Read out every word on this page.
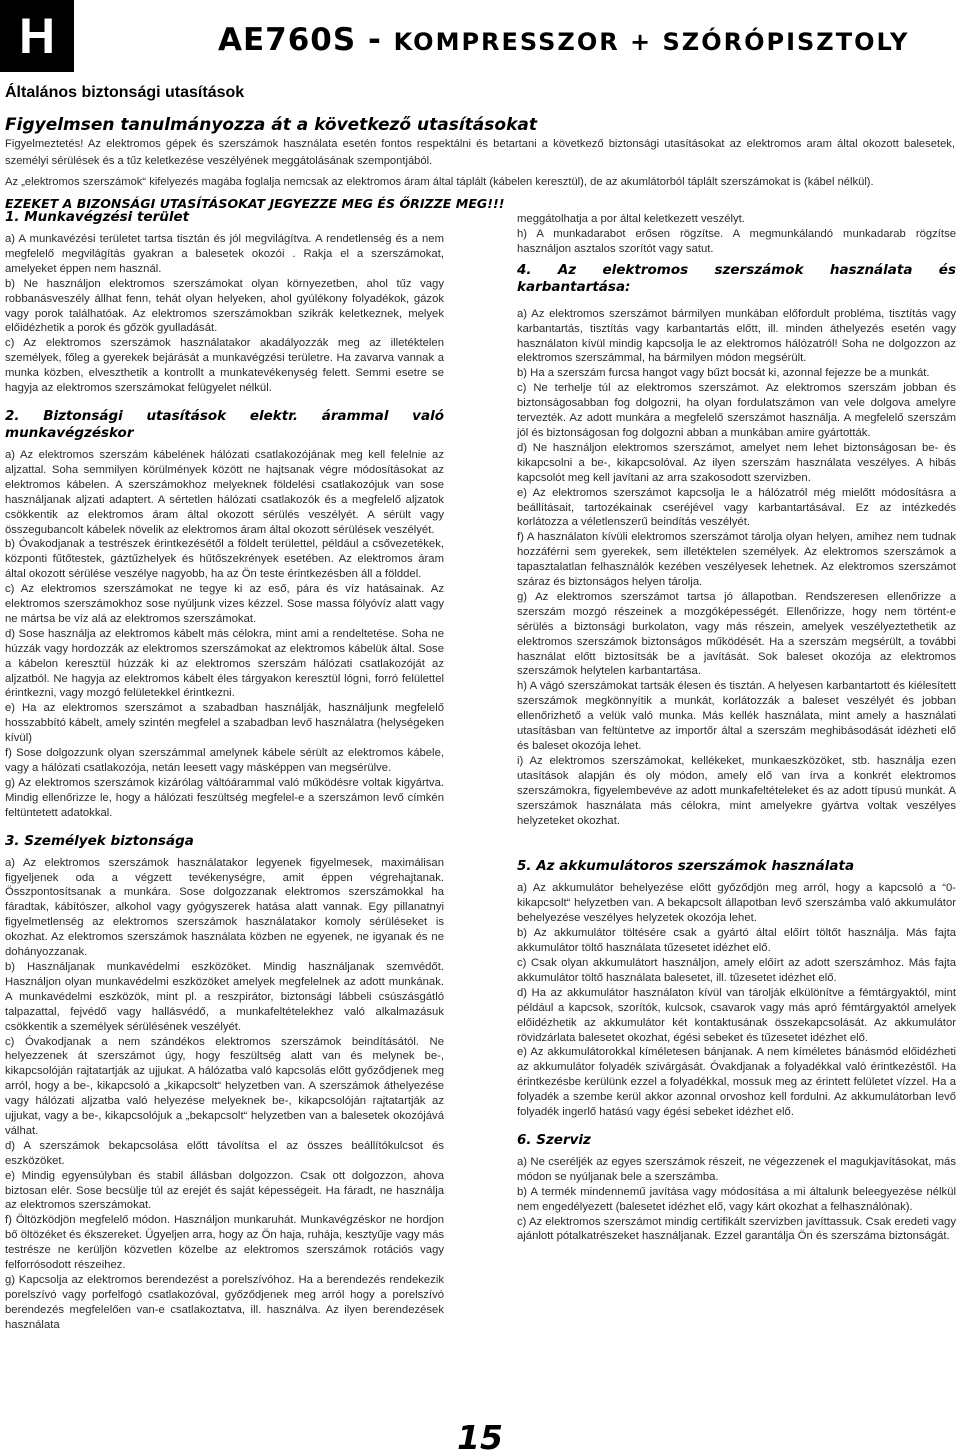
H	AE760S - KOMPRESSZOR + SZÓRÓPISZTOLY
Általános biztonsági utasítások
Figyelmsen tanulmányozza át a következő utasításokat

Figyelmeztetés! Az elektromos gépek és szerszámok használata esetén fontos respektálni és betartani a következő biztonsági utasításokat az elektromos aram által okozott balesetek, személyi sérülések és a tűz keletkezése veszélyének meggátolásának szempontjából.

Az „elektromos szerszámok“ kifelyezés magába foglalja nemcsak az elektromos áram által táplált (kábelen keresztül), de az akumlátorból táplált szerszámokat is (kábel nélkül).

EZEKET A BIZONSÁGI UTASÍTÁSOKAT JEGYEZZE MEG ÉS ŐRIZZE MEG!!!
1. Munkavégzési terület

a) A munkavézési területet tartsa tisztán és jól megvilágítva. A rendetlenség és a nem megfelelő megvilágítás gyakran a balesetek okozói . Rakja el a szerszámokat, amelyeket éppen nem használ.

b) Ne használjon elektromos szerszámokat olyan környezetben, ahol tűz vagy robbanásveszély állhat fenn, tehát olyan helyeken, ahol gyúlékony folyadékok, gázok vagy porok találhatóak. Az elektromos szerszámokban szikrák keletkeznek, melyek előidézhetik a porok és gőzök gyulladását.

c) Az elektromos szerszámok használatakor akadályozzák meg az illetéktelen személyek, főleg a gyerekek bejárását a munkavégzési területre. Ha zavarva vannak a munka közben, elveszthetik a kontrollt a munkatevékenység felett. Semmi esetre se hagyja az elektromos szerszámokat felügyelet nélkül.

2. Biztonsági utasítások elektr. árammal való munkavégzéskor

a) Az elektromos szerszám kábelének hálózati csatlakozójának meg kell felelnie az aljzattal. Soha semmilyen körülmények között ne hajtsanak végre módosításokat az elektromos kábelen. A szerszámokhoz melyeknek földelési csatlakozójuk van sose használjanak aljzati adaptert. A sértetlen hálózati csatlakozók és a megfelelő aljzatok csökkentik az elektromos áram által okozott sérülés veszélyét. A sérült vagy összegubancolt kábelek növelik az elektromos áram által okozott sérülések veszélyét.

b) Óvakodjanak a testrészek érintkezésétől a földelt területtel, például a csővezetékek, központi fűtőtestek, gáztűzhelyek és hűtőszekrények esetében. Az elektromos áram által okozott sérülése veszélye nagyobb, ha az Ön teste érintkezésben áll a földdel.

c) Az elektromos szerszámokat ne tegye ki az eső, pára és víz hatásainak. Az elektromos szerszámokhoz sose nyúljunk vizes kézzel. Sose massa fólyóvíz alatt vagy ne mártsa be víz alá az elektromos szerszámokat.

d) Sose használja az elektromos kábelt más célokra, mint ami a rendeltetése. Soha ne húzzák vagy hordozzák az elektromos szerszámokat az elektromos kábelük által. Sose a kábelon keresztül húzzák ki az elektromos szerszám hálózati csatlakozóját az aljzatból. Ne hagyja az elektromos kábelt éles tárgyakon keresztül lógni, forró felülettel érintkezni, vagy mozgó felületekkel érintkezni.

e) Ha az elektromos szerszámot a szabadban használják, használjunk megfelelő hosszabbító kábelt, amely szintén megfelel a szabadban levő használatra (helységeken kívül)

f) Sose dolgozzunk olyan szerszámmal amelynek kábele sérült az elektromos kábele, vagy a hálózati csatlakozója, netán leesett vagy másképpen van megsérülve.

g) Az elektromos szerszámok kizárólag váltóárammal való működésre voltak kigyártva. Mindig ellenőrizze le, hogy a hálózati feszültség megfelel-e a szerszámon levő címkén feltüntetett adatokkal.

3. Személyek biztonsága

a) Az elektromos szerszámok használatakor legyenek figyelmesek, maximálisan figyeljenek oda a végzett tevékenységre, amit éppen végrehajtanak. Összpontosítsanak a munkára. Sose dolgozzanak elektromos szerszámokkal ha fáradtak, kábítószer, alkohol vagy gyógyszerek hatása alatt vannak. Egy pillanatnyi figyelmetlenség az elektromos szerszámok használatakor komoly sérüléseket is okozhat. Az elektromos szerszámok használata közben ne egyenek, ne igyanak és ne dohányozzanak.

b) Használjanak munkavédelmi eszközöket. Mindig használjanak szemvédőt. Használjon olyan munkavédelmi eszközöket amelyek megfelelnek az adott munkának. A munkavédelmi eszközök, mint pl. a reszpirátor, biztonsági lábbeli csúszásgátló talpazattal, fejvédő vagy hallásvédő, a munkafeltételekhez való alkalmazásuk csökkentik a személyek sérülésének veszélyét.

c) Óvakodjanak a nem szándékos elektromos szerszámok beindításától. Ne helyezzenek át szerszámot úgy, hogy feszültség alatt van és melynek be-, kikapcsolóján rajtatartják az ujjukat. A hálózatba való kapcsolás előtt győződjenek meg arról, hogy a be-, kikapcsoló a „kikapcsolt“ helyzetben van. A szerszámok áthelyezése vagy hálózati aljzatba való helyezése melyeknek be-, kikapcsolóján rajtatartják az ujjukat, vagy a be-, kikapcsolójuk a „bekapcsolt“ helyzetben van a balesetek okozójává válhat.

d) A szerszámok bekapcsolása előtt távolítsa el az összes beállítókulcsot és eszközöket.

e) Mindig egyensúlyban és stabil állásban dolgozzon. Csak ott dolgozzon, ahova biztosan elér. Sose becsülje túl az erejét és saját képességeit. Ha fáradt, ne használja az elektromos szerszámokat.

f) Öltözködjön megfelelő módon. Használjon munkaruhát. Munkavégzéskor ne hordjon bő öltözéket és ékszereket. Ügyeljen arra, hogy az Ön haja, ruhája, kesztyűje vagy más testrésze ne kerüljön közvetlen közelbe az elektromos szerszámok rotációs vagy felforrósodott részeihez.

g) Kapcsolja az elektromos berendezést a porelszívóhoz. Ha a berendezés rendekezik porelszívó vagy porfelfogó csatlakozóval, győződjenek meg arról hogy a porelszívó berendezés megfelelően van-e csatlakoztatva, ill. használva. Az ilyen berendezések használata

meggátolhatja a por által keletkezett veszélyt.

h) A munkadarabot erősen rögzítse. A megmunkálandó munkadarab rögzítse használjon asztalos szorítót vagy satut.

4. Az elektromos szerszámok használata és karbantartása:

a) Az elektromos szerszámot bármilyen munkában előfordult probléma, tisztítás vagy karbantartás, tisztítás vagy karbantartás előtt, ill. minden áthelyezés esetén vagy használaton kívül mindig kapcsolja le az elektromos hálózatról! Soha ne dolgozzon az elektromos szerszámmal, ha bármilyen módon megsérült.

b) Ha a szerszám furcsa hangot vagy bűzt bocsát ki, azonnal fejezze be a munkát.

c) Ne terhelje túl az elektromos szerszámot. Az elektromos szerszám jobban és biztonságosabban fog dolgozni, ha olyan fordulatszámon van vele dolgova amelyre tervezték. Az adott munkára a megfelelő szerszámot használja. A megfelelő szerszám jól és biztonságosan fog dolgozni abban a munkában amire gyártották.

d) Ne használjon elektromos szerszámot, amelyet nem lehet biztonságosan be- és kikapcsolni a be-, kikapcsolóval. Az ilyen szerszám használata veszélyes. A hibás kapcsolót meg kell javítani az arra szakosodott szervizben.

e) Az elektromos szerszámot kapcsolja le a hálózatról még mielőtt módosításra a beállításait, tartozékainak cseréjével vagy karbantartásával. Ez az intézkedés korlátozza a véletlenszerű beindítás veszélyét.

f) A használaton kívüli elektromos szerszámot tárolja olyan helyen, amihez nem tudnak hozzáférni sem gyerekek, sem illetéktelen személyek. Az elektromos szerszámok a tapasztalatlan felhasználók kezében veszélyesek lehetnek. Az elektromos szerszámot száraz és biztonságos helyen tárolja.

g) Az elektromos szerszámot tartsa jó állapotban. Rendszeresen ellenőrizze a szerszám mozgó részeinek a mozgóképességét. Ellenőrizze, hogy nem történt-e sérülés a biztonsági burkolaton, vagy más részein, amelyek veszélyeztethetik az elektromos szerszámok biztonságos működését. Ha a szerszám megsérült, a további használat előtt biztosítsák be a javítását. Sok baleset okozója az elektromos szerszámok helytelen karbantartása.

h) A vágó szerszámokat tartsák élesen és tisztán. A helyesen karbantartott és kiélesített szerszámok megkönnyítik a munkát, korlátozzák a baleset veszélyét és jobban ellenőrizhető a velük való munka. Más kellék használata, mint amely a használati utasításban van feltüntetve az importőr által a szerszám meghibásodását idézheti elő és baleset okozója lehet.

i) Az elektromos szerszámokat, kellékeket, munkaeszközöket, stb. használja ezen utasítások alapján és oly módon, amely elő van írva a konkrét elektromos szerszámokra, figyelembevéve az adott munkafeltételeket és az adott típusú munkát. A szerszámok használata más célokra, mint amelyekre gyártva voltak veszélyes helyzeteket okozhat.

5. Az akkumulátoros szerszámok használata

a) Az akkumulátor behelyezése előtt győződjön meg arról, hogy a kapcsoló a “0-kikapcsolt“ helyzetben van. A bekapcsolt állapotban levő szerszámba való akkumulátor behelyezése veszélyes helyzetek okozója lehet.

b) Az akkumulátor töltésére csak a gyártó által előírt töltőt használja. Más fajta akkumulátor töltő használata tűzesetet idézhet elő.

c) Csak olyan akkumulátort használjon, amely előírt az adott szerszámhoz. Más fajta akkumulátor töltő használata balesetet, ill. tűzesetet idézhet elő.

d) Ha az akkumulátor használaton kívül van tárolják elkülönítve a fémtárgyaktól, mint például a kapcsok, szorítók, kulcsok, csavarok vagy más apró fémtárgyaktól amelyek előidézhetik az akkumulátor két kontaktusának összekapcsolását. Az akkumulátor rövidzárlata balesetet okozhat, égési sebeket és tűzesetet idézhet elő.

e) Az akkumulátorokkal kíméletesen bánjanak. A nem kíméletes bánásmód előidézheti az akkumulátor folyadék szivárgását. Óvakdjanak a folyadékkal való érintkezéstől. Ha érintkezésbe kerülünk ezzel a folyadékkal, mossuk meg az érintett felületet vízzel. Ha a folyadék a szembe kerül akkor azonnal orvoshoz kell fordulni. Az akkumulátorban levő folyadék ingerlő hatású vagy égési sebeket idézhet elő.

6. Szerviz

a) Ne cseréljék az egyes szerszámok részeit, ne végezzenek el magukjavításokat, más módon se nyúljanak bele a szerszámba.

b) A termék mindennemű javítása vagy módosítása a mi általunk beleegyezése nélkül nem engedélyezett (balesetet idézhet elő, vagy kárt okozhat a felhasználónak).

c) Az elektromos szerszámot mindig certifikált szervizben javíttassuk. Csak eredeti vagy ajánlott pótalkatrészeket használjanak. Ezzel garantálja Ön és szerszáma biztonságát.

15
